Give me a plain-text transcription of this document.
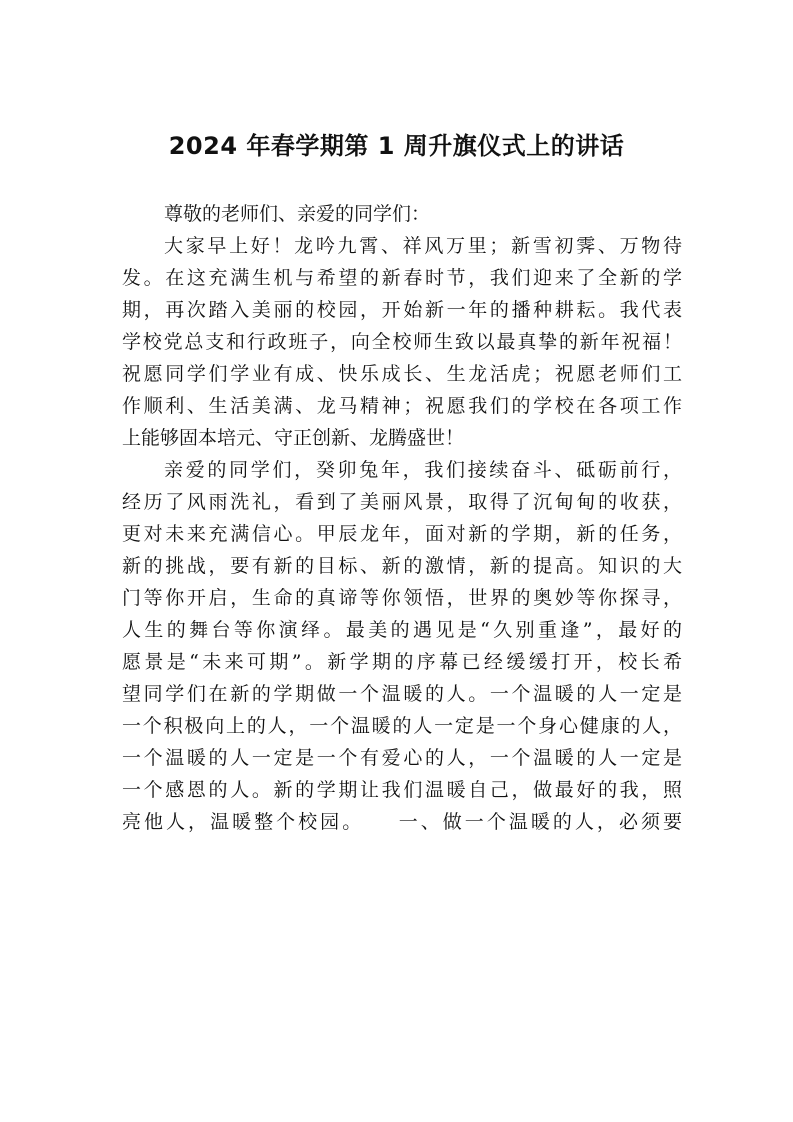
2024 年春学期第 1 周升旗仪式上的讲话
尊敬的老师们、亲爱的同学们：
大家早上好！龙吟九霄、祥风万里；新雪初霁、万物待
发。在这充满生机与希望的新春时节，我们迎来了全新的学
期，再次踏入美丽的校园，开始新一年的播种耕耘。我代表
学校党总支和行政班子，向全校师生致以最真挚的新年祝福！
祝愿同学们学业有成、快乐成长、生龙活虎；祝愿老师们工
作顺利、生活美满、龙马精神；祝愿我们的学校在各项工作
上能够固本培元、守正创新、龙腾盛世！
亲爱的同学们，癸卯兔年，我们接续奋斗、砥砺前行，
经历了风雨洗礼，看到了美丽风景，取得了沉甸甸的收获，
更对未来充满信心。甲辰龙年，面对新的学期，新的任务，
新的挑战，要有新的目标、新的激情，新的提高。知识的大
门等你开启，生命的真谛等你领悟，世界的奥妙等你探寻，
人生的舞台等你演绎。最美的遇见是“久别重逢”，最好的
愿景是“未来可期”。新学期的序幕已经缓缓打开，校长希
望同学们在新的学期做一个温暖的人。一个温暖的人一定是
一个积极向上的人，一个温暖的人一定是一个身心健康的人，
一个温暖的人一定是一个有爱心的人，一个温暖的人一定是
一个感恩的人。新的学期让我们温暖自己，做最好的我，照
亮他人，温暖整个校园。　　一、做一个温暖的人，必须要
